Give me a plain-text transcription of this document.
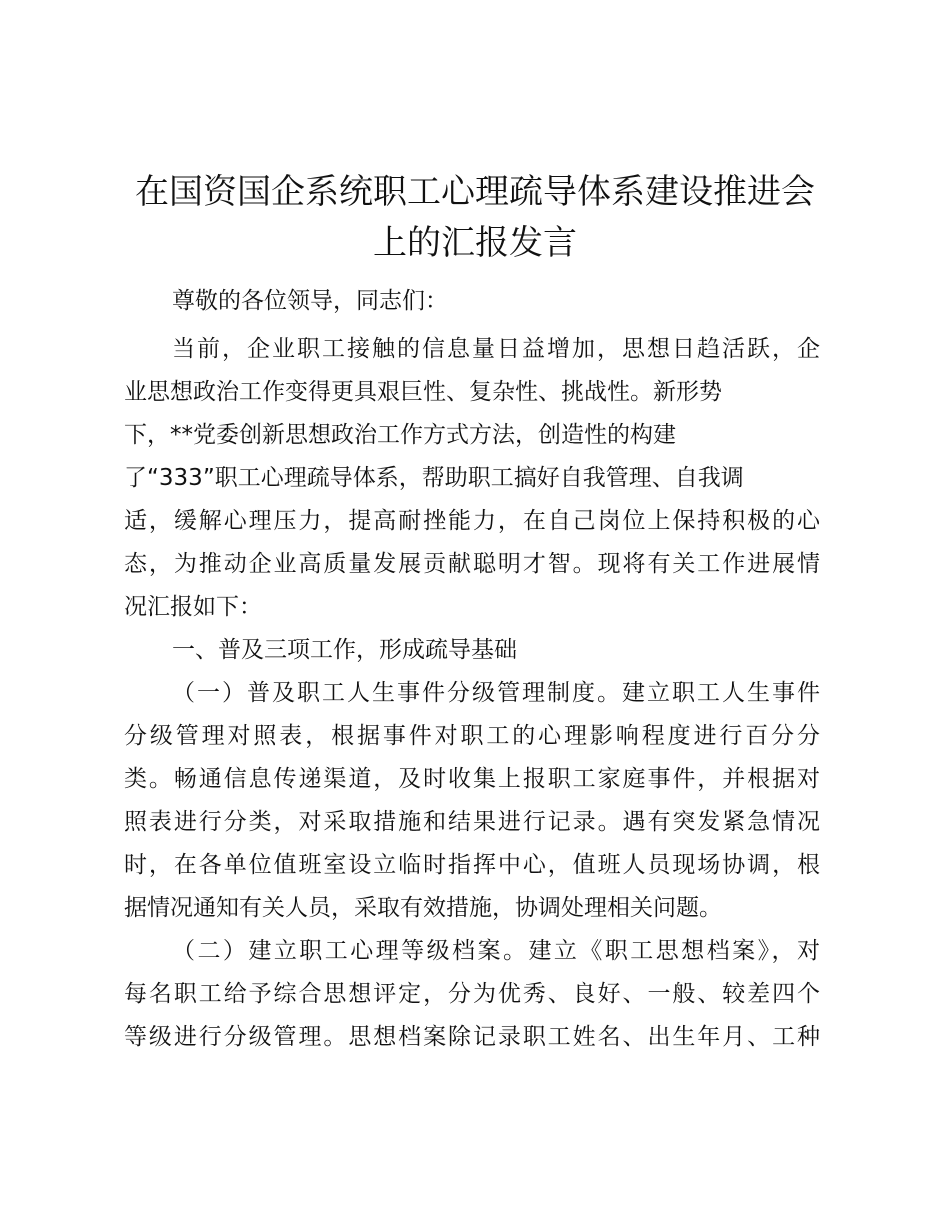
在国资国企系统职工心理疏导体系建设推进会
上的汇报发言
尊敬的各位领导，同志们：
当前，企业职工接触的信息量日益增加，思想日趋活跃，企
业思想政治工作变得更具艰巨性、复杂性、挑战性。新形势
下，**党委创新思想政治工作方式方法，创造性的构建
了“333”职工心理疏导体系，帮助职工搞好自我管理、自我调
适，缓解心理压力，提高耐挫能力，在自己岗位上保持积极的心
态，为推动企业高质量发展贡献聪明才智。现将有关工作进展情
况汇报如下：
一、普及三项工作，形成疏导基础
（一）普及职工人生事件分级管理制度。建立职工人生事件
分级管理对照表，根据事件对职工的心理影响程度进行百分分
类。畅通信息传递渠道，及时收集上报职工家庭事件，并根据对
照表进行分类，对采取措施和结果进行记录。遇有突发紧急情况
时，在各单位值班室设立临时指挥中心，值班人员现场协调，根
据情况通知有关人员，采取有效措施，协调处理相关问题。
（二）建立职工心理等级档案。建立《职工思想档案》，对
每名职工给予综合思想评定，分为优秀、良好、一般、较差四个
等级进行分级管理。思想档案除记录职工姓名、出生年月、工种
